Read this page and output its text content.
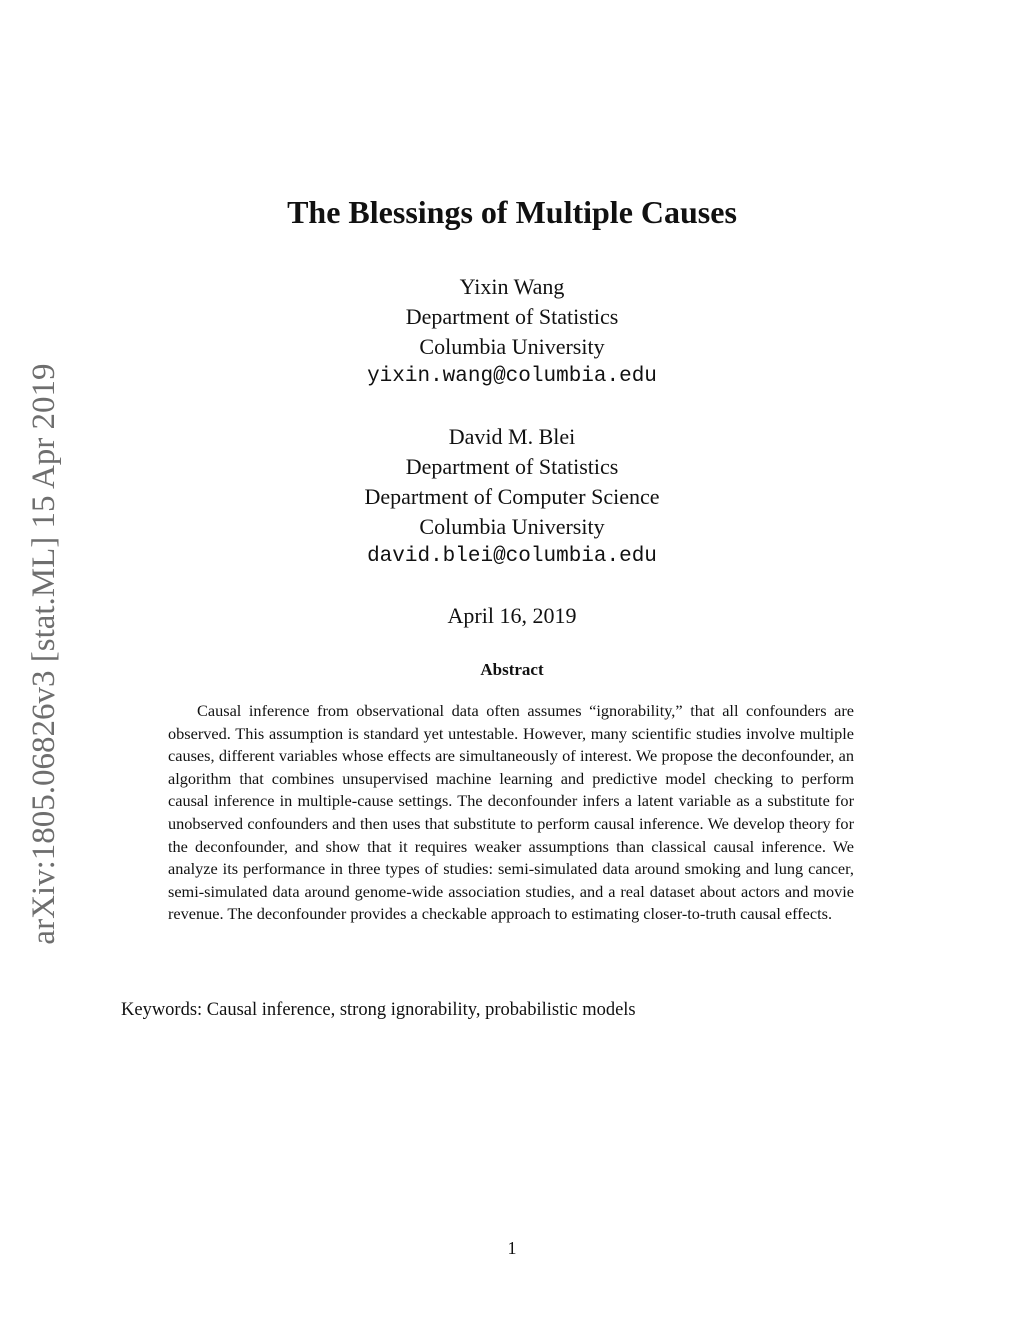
arXiv:1805.06826v3 [stat.ML] 15 Apr 2019
The Blessings of Multiple Causes
Yixin Wang
Department of Statistics
Columbia University
yixin.wang@columbia.edu
David M. Blei
Department of Statistics
Department of Computer Science
Columbia University
david.blei@columbia.edu
April 16, 2019
Abstract
Causal inference from observational data often assumes “ignorability,” that all confounders are observed. This assumption is standard yet untestable. However, many scientific studies involve multiple causes, different variables whose effects are simultaneously of interest. We propose the deconfounder, an algorithm that combines unsupervised machine learning and predictive model checking to perform causal inference in multiple-cause settings. The deconfounder infers a latent variable as a substitute for unobserved confounders and then uses that substitute to perform causal inference. We develop theory for the deconfounder, and show that it requires weaker assumptions than classical causal inference. We analyze its performance in three types of studies: semi-simulated data around smoking and lung cancer, semi-simulated data around genome-wide association studies, and a real dataset about actors and movie revenue. The deconfounder provides a checkable approach to estimating closer-to-truth causal effects.
Keywords: Causal inference, strong ignorability, probabilistic models
1
